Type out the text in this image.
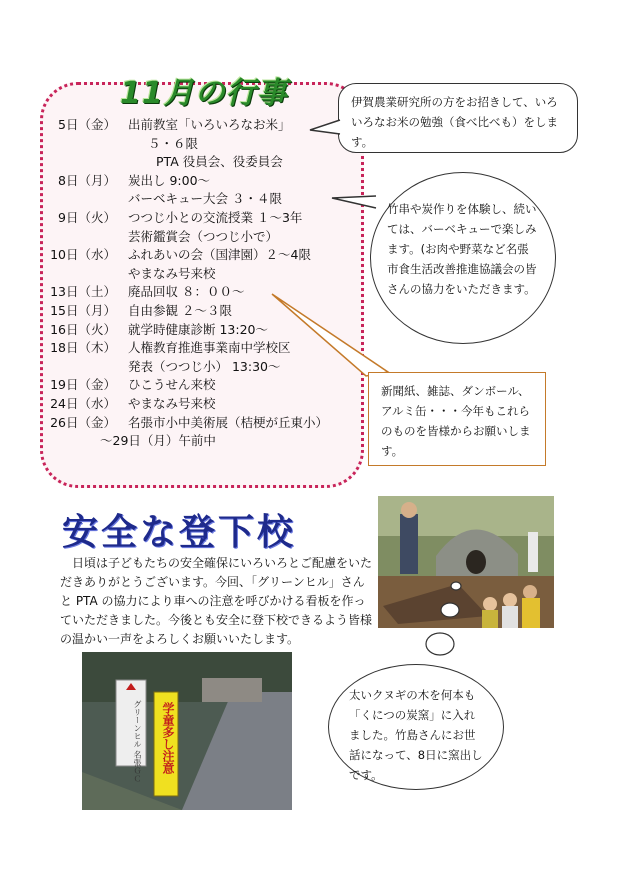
11月の行事
5日（金） 出前教室「いろいろなお米」
５・６限
PTA 役員会、役委員会
8日（月） 炭出し 9:00～
バーベキュー大会 ３・４限
9日（火） つつじ小との交流授業 １～3年
芸術鑑賞会（つつじ小で）
10日（水） ふれあいの会（国津園）２～4限
やまなみ号来校
13日（土） 廃品回収 ８：００～
15日（月） 自由参観 ２～３限
16日（火） 就学時健康診断 13:20～
18日（木） 人権教育推進事業南中学校区
発表（つつじ小） 13:30～
19日（金） ひこうせん来校
24日（水） やまなみ号来校
26日（金） 名張市小中美術展（桔梗が丘東小）
～29日（月）午前中
伊賀農業研究所の方をお招きして、いろいろなお米の勉強（食べ比べも）をします。
竹串や炭作りを体験し、続いては、バーベキューで楽しみます。(お肉や野菜など名張市食生活改善推進協議会の皆さんの協力をいただきます。
新聞紙、雑誌、ダンボール、アルミ缶・・・今年もこれらのものを皆様からお願いします。
安全な登下校
日頃は子どもたちの安全確保にいろいろとご配慮をいただきありがとうございます。今回、「グリーンヒル」さんと PTA の協力により車への注意を呼びかける看板を作っていただきました。今後とも安全に登下校できるよう皆様の温かい一声をよろしくお願いいたします。
太いクヌギの木を何本も「くにつの炭窯」に入れました。竹島さんにお世話になって、8日に窯出しです。
グリーンヒル 名張ＧＣ 学童多し注意
